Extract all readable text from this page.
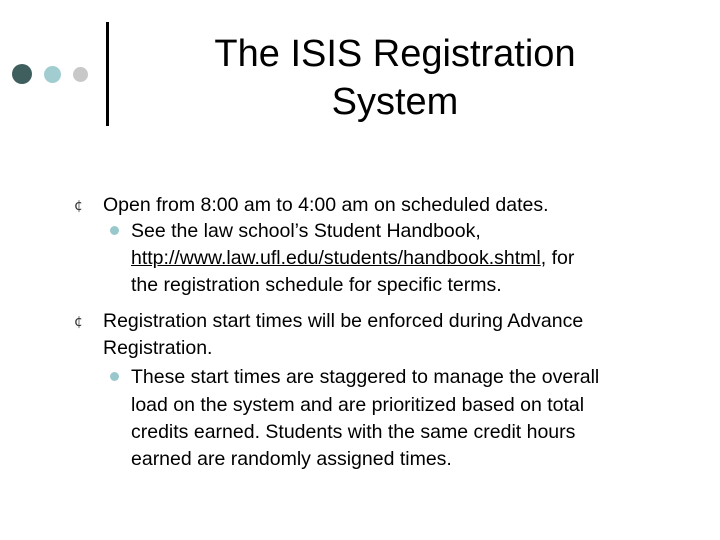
The ISIS Registration
System
¢ Open from 8:00 am to 4:00 am on scheduled dates.
See the law school’s Student Handbook,
http://www.law.ufl.edu/students/handbook.shtml, for
the registration schedule for specific terms.
¢ Registration start times will be enforced during Advance
Registration.
These start times are staggered to manage the overall
load on the system and are prioritized based on total
credits earned. Students with the same credit hours
earned are randomly assigned times.
